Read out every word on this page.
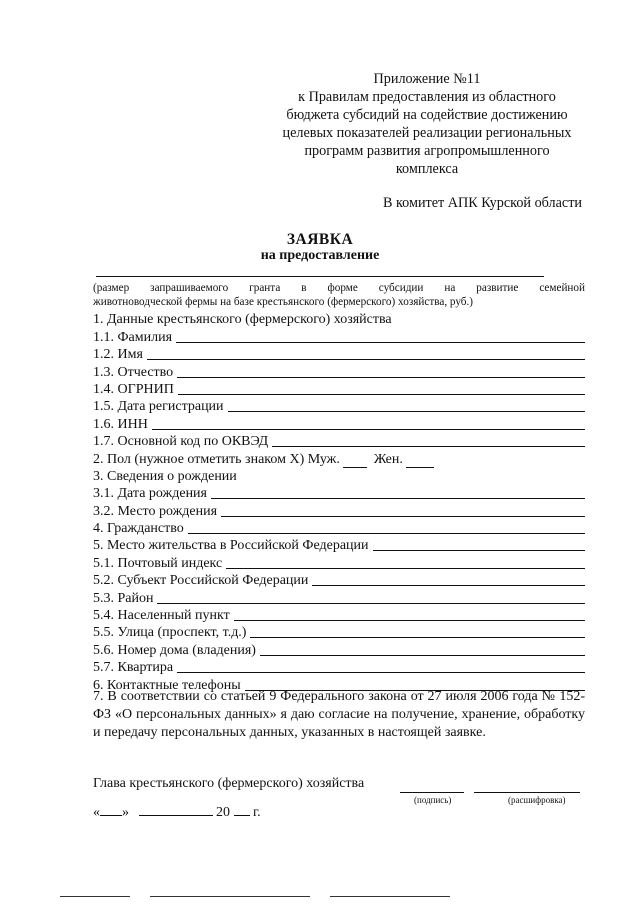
Приложение №11
к Правилам предоставления из областного
бюджета субсидий на содействие достижению
целевых показателей реализации региональных
программ развития агропромышленного
комплекса
В комитет АПК Курской области
ЗАЯВКА
на предоставление
(размер запрашиваемого гранта в форме субсидии на развитие семейной
животноводческой фермы на базе крестьянского (фермерского) хозяйства, руб.)
1. Данные крестьянского (фермерского) хозяйства
1.1. Фамилия
1.2. Имя
1.3. Отчество
1.4. ОГРНИП
1.5. Дата регистрации
1.6. ИНН
1.7. Основной код по ОКВЭД
2. Пол (нужное отметить знаком Х) Муж. Жен.
3. Сведения о рождении
3.1. Дата рождения
3.2. Место рождения
4. Гражданство
5. Место жительства в Российской Федерации
5.1. Почтовый индекс
5.2. Субъект Российской Федерации
5.3. Район
5.4. Населенный пункт
5.5. Улица (проспект, т.д.)
5.6. Номер дома (владения)
5.7. Квартира
6. Контактные телефоны
7. В соответствии со статьей 9 Федерального закона от 27 июля 2006 года № 152-ФЗ «О персональных данных» я даю согласие на получение, хранение, обработку и передачу персональных данных, указанных в настоящей заявке.
Глава крестьянского (фермерского) хозяйства
(подпись)	(расшифровка)
« »	20 г.
